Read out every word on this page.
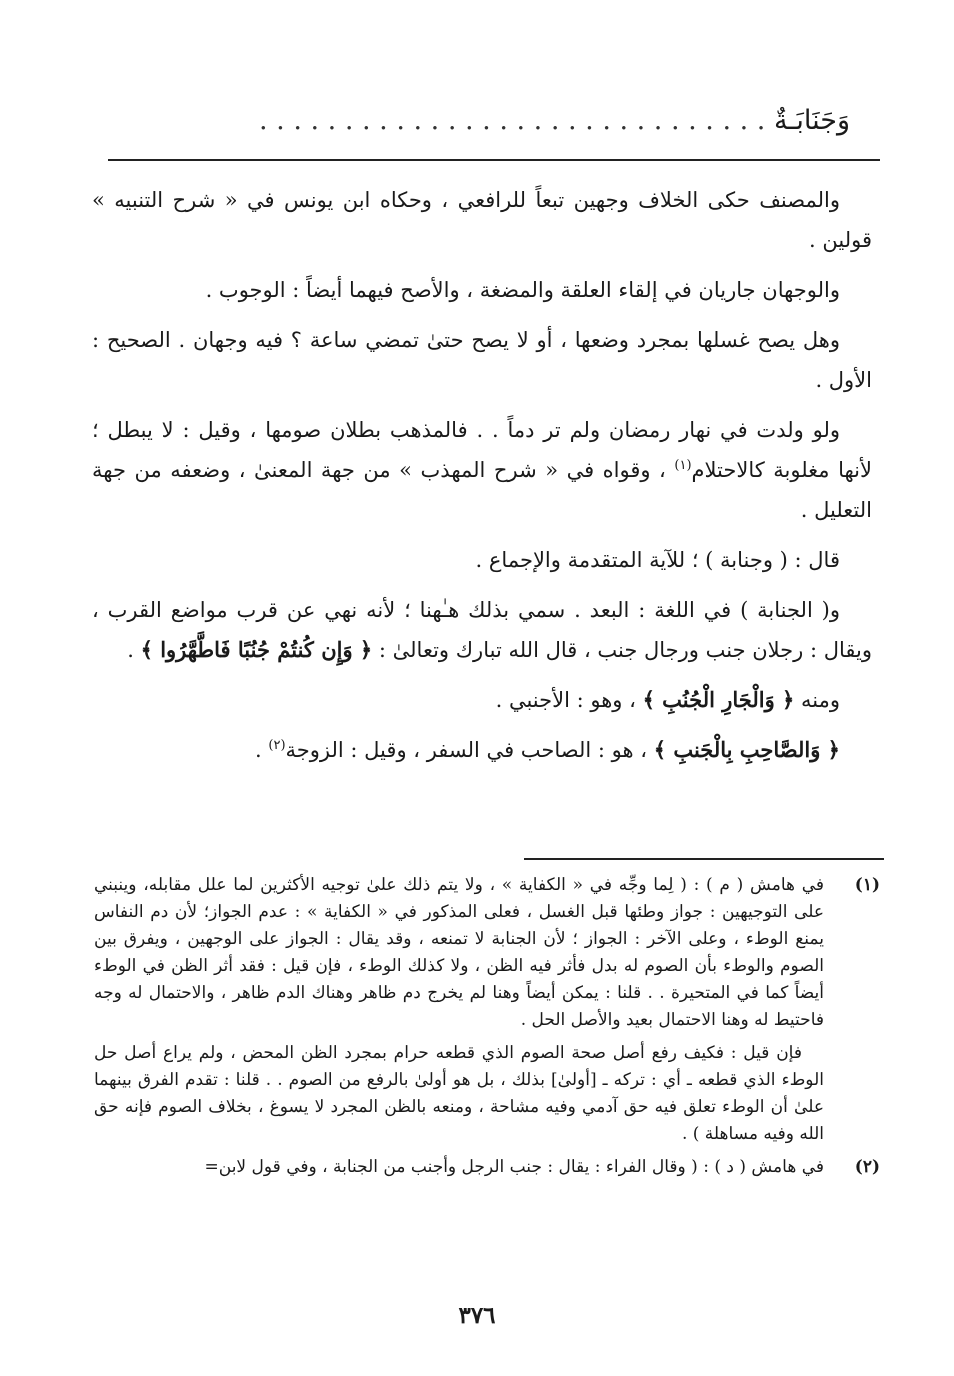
وَجَنَابَـةٌ . . . . . . . . . . . . . . . . . . . . . . . . . . . . . .

والمصنف حكى الخلاف وجهين تبعاً للرافعي ، وحكاه ابن يونس في « شرح التنبيه » قولين .

والوجهان جاريان في إلقاء العلقة والمضغة ، والأصح فيهما أيضاً : الوجوب .

وهل يصح غسلها بمجرد وضعها ، أو لا يصح حتىٰ تمضي ساعة ؟ فيه وجهان . الصحيح : الأول .

ولو ولدت في نهار رمضان ولم تر دماً . . فالمذهب بطلان صومها ، وقيل : لا يبطل ؛ لأنها مغلوبة كالاحتلام$^{(١)}$ ، وقواه في « شرح المهذب » من جهة المعنىٰ ، وضعفه من جهة التعليل .

قال : ( وجنابة ) ؛ للآية المتقدمة والإجماع .

و( الجنابة ) في اللغة : البعد . سمي بذلك هـٰهنا ؛ لأنه نهي عن قرب مواضع القرب ، ويقال : رجلان جنب ورجال جنب ، قال الله تبارك وتعالىٰ : ﴿ وَإِن كُنتُمْ جُنُبًا فَاطَّهَّرُوا ﴾ .

ومنه ﴿ وَالْجَارِ الْجُنُبِ ﴾ ، وهو : الأجنبي .

﴿ وَالصَّاحِبِ بِالْجَنبِ ﴾ ، هو : الصاحب في السفر ، وقيل : الزوجة$^{(٢)}$ .

(١)

في هامش ( م ) : ( لِما وجِّه في « الكفاية » ، ولا يتم ذلك علىٰ توجيه الأكثرين لما علل مقابله، وينبني على التوجيهين : جواز وطئها قبل الغسل ، فعلى المذكور في « الكفاية » : عدم الجواز؛ لأن دم النفاس يمنع الوطء ، وعلى الآخر : الجواز ؛ لأن الجنابة لا تمنعه ، وقد يقال : الجواز على الوجهين ، ويفرق بين الصوم والوطء بأن الصوم له بدل فأثر فيه الظن ، ولا كذلك الوطء ، فإن قيل : فقد أثر الظن في الوطء أيضاً كما في المتحيرة . . قلنا : يمكن أيضاً وهنا لم يخرج دم ظاهر وهناك الدم ظاهر ، والاحتمال له وجه فاحتيط له وهنا الاحتمال بعيد والأصل الحل .

فإن قيل : فكيف رفع أصل صحة الصوم الذي قطعه حرام بمجرد الظن المحض ، ولم يراع أصل حل الوطء الذي قطعه ـ أي : تركه ـ [أولىٰ] بذلك ، بل هو أولىٰ بالرفع من الصوم . . قلنا : تقدم الفرق بينهما علىٰ أن الوطء تعلق فيه حق آدمي وفيه مشاحة ، ومنعه بالظن المجرد لا يسوغ ، بخلاف الصوم فإنه حق الله وفيه مساهلة ) .

(٢)

في هامش ( د ) : ( وقال الفراء : يقال : جنب الرجل وأجنب من الجنابة ، وفي قول لابن=

٣٧٦
